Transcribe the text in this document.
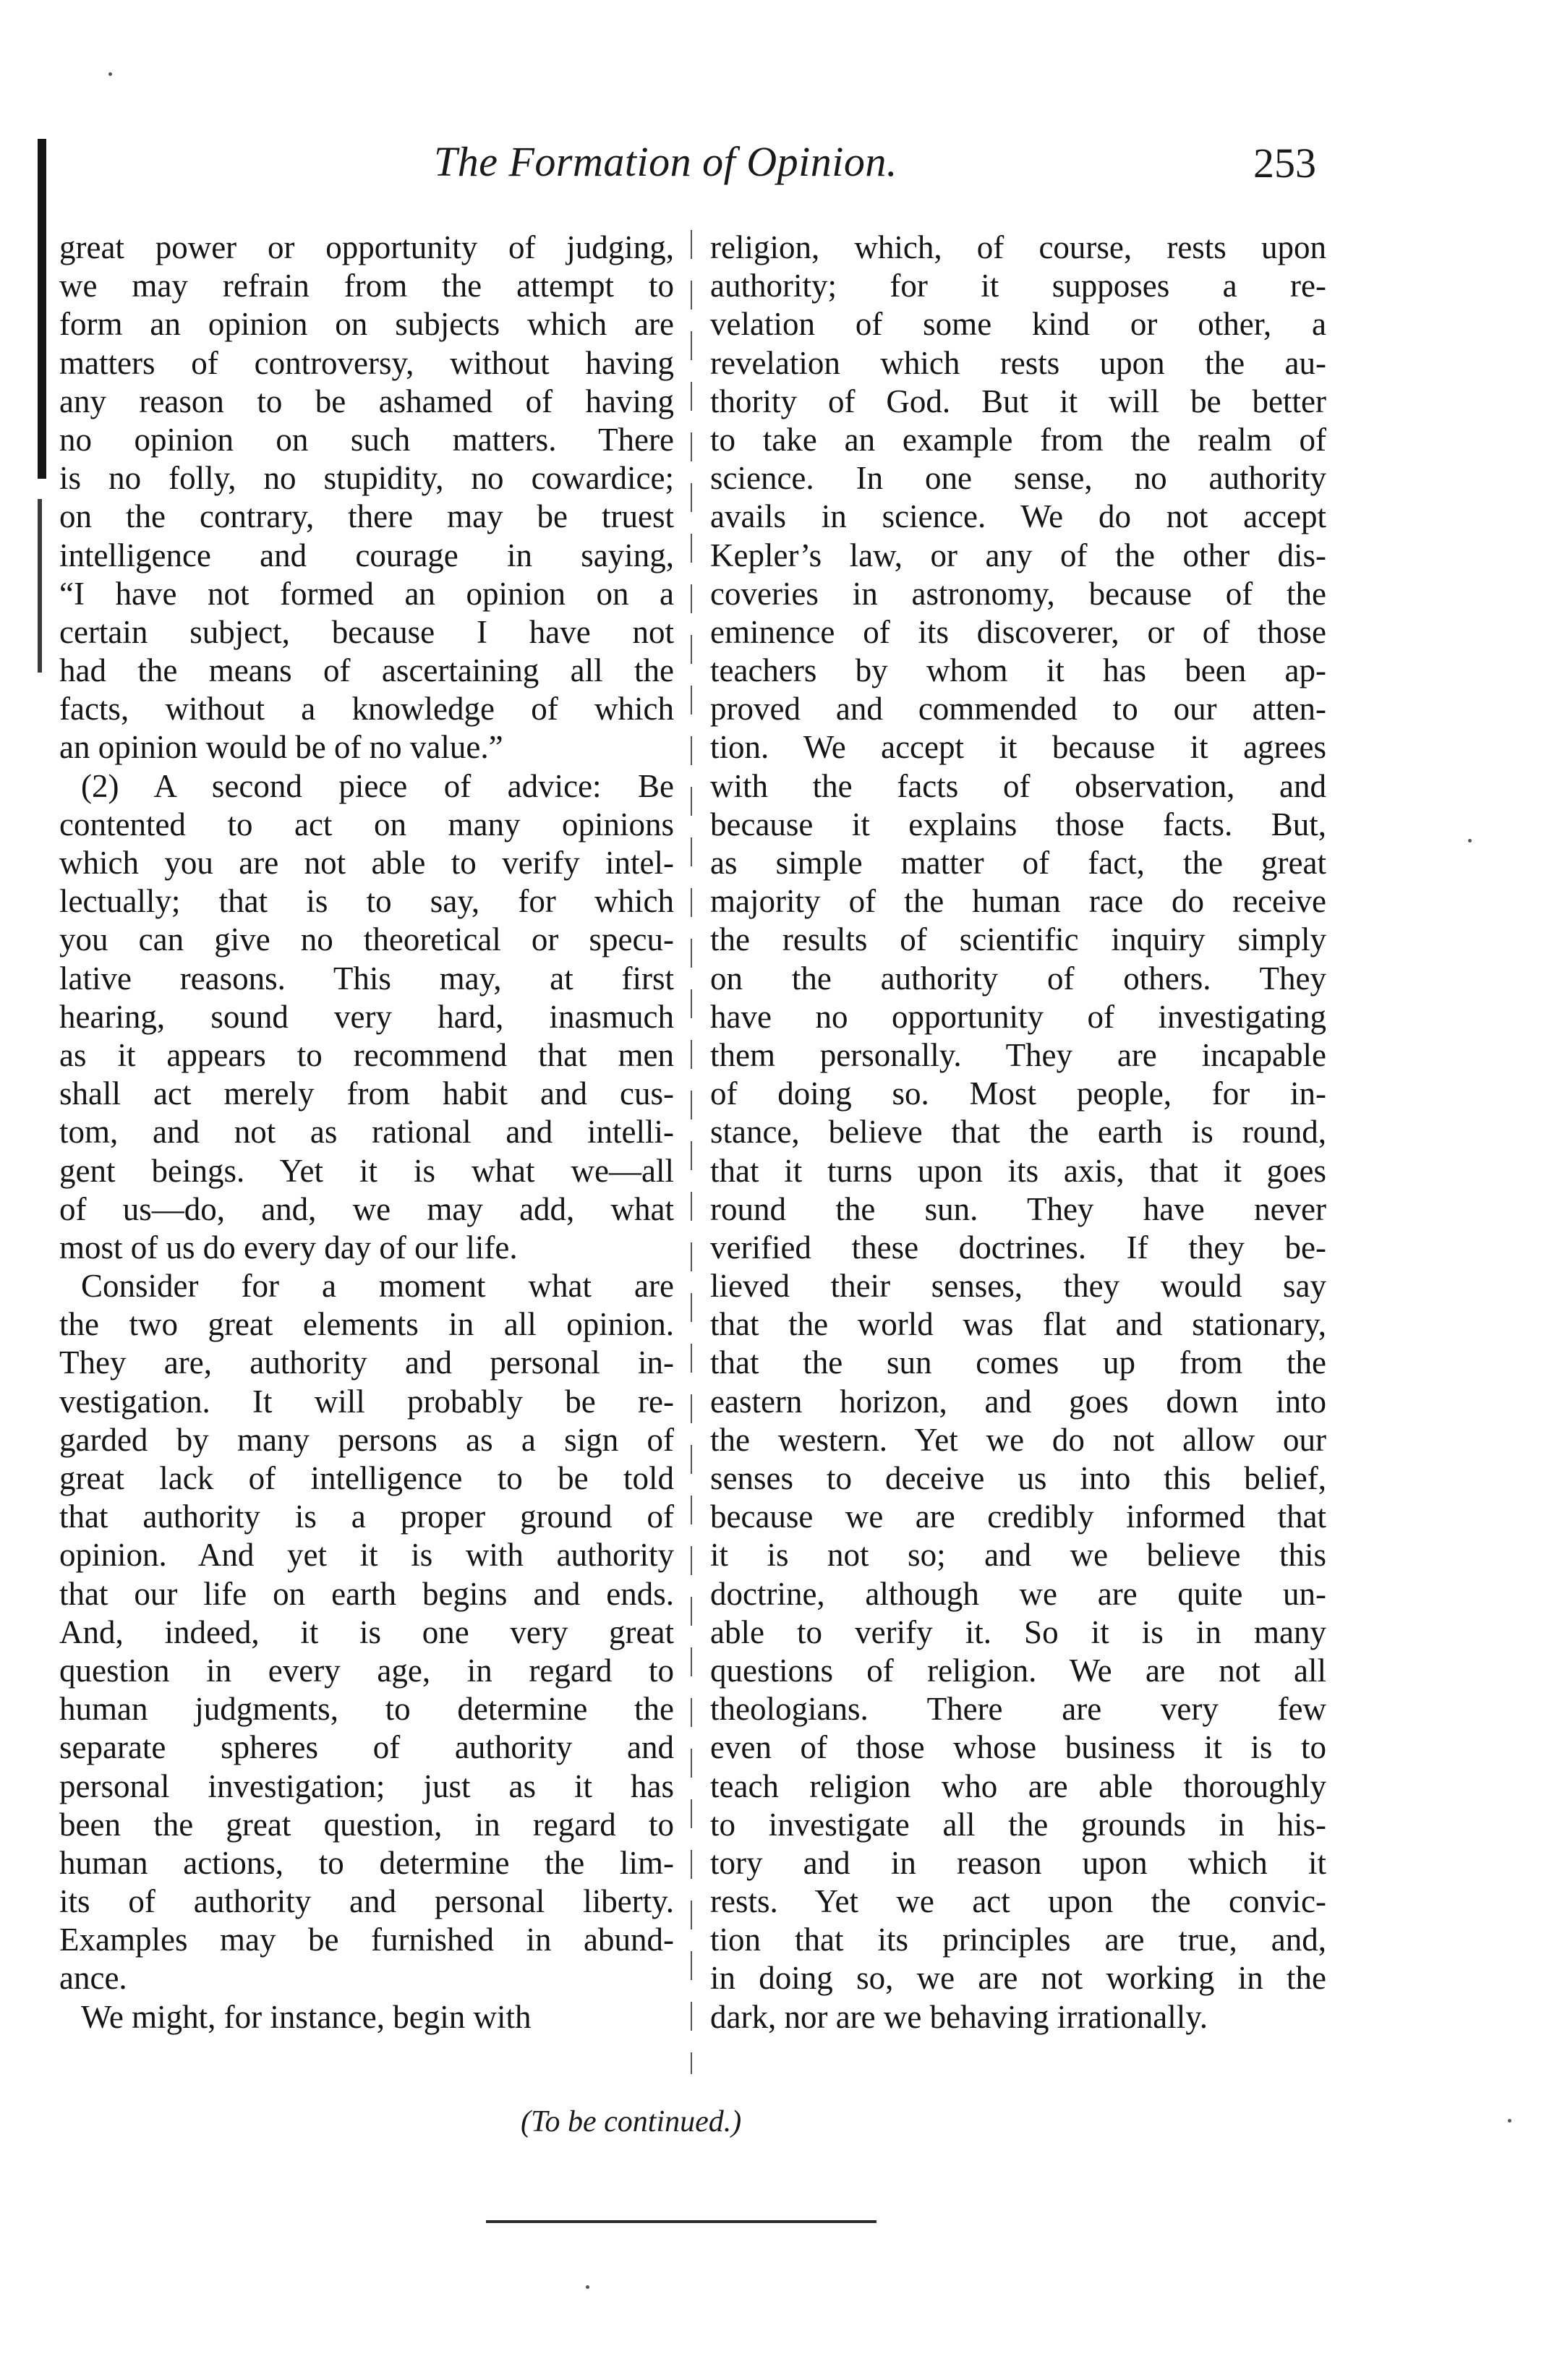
The Formation of Opinion.	253
great power or opportunity of judging,
we may refrain from the attempt to
form an opinion on subjects which are
matters of controversy, without having
any reason to be ashamed of having
no opinion on such matters. There
is no folly, no stupidity, no cowardice;
on the contrary, there may be truest
intelligence and courage in saying,
“I have not formed an opinion on a
certain subject, because I have not
had the means of ascertaining all the
facts, without a knowledge of which
an opinion would be of no value.”
(2) A second piece of advice: Be
contented to act on many opinions
which you are not able to verify intel-
lectually; that is to say, for which
you can give no theoretical or specu-
lative reasons. This may, at first
hearing, sound very hard, inasmuch
as it appears to recommend that men
shall act merely from habit and cus-
tom, and not as rational and intelli-
gent beings. Yet it is what we—all
of us—do, and, we may add, what
most of us do every day of our life.
Consider for a moment what are
the two great elements in all opinion.
They are, authority and personal in-
vestigation. It will probably be re-
garded by many persons as a sign of
great lack of intelligence to be told
that authority is a proper ground of
opinion. And yet it is with authority
that our life on earth begins and ends.
And, indeed, it is one very great
question in every age, in regard to
human judgments, to determine the
separate spheres of authority and
personal investigation; just as it has
been the great question, in regard to
human actions, to determine the lim-
its of authority and personal liberty.
Examples may be furnished in abund-
ance.
We might, for instance, begin with
religion, which, of course, rests upon
authority; for it supposes a re-
velation of some kind or other, a
revelation which rests upon the au-
thority of God. But it will be better
to take an example from the realm of
science. In one sense, no authority
avails in science. We do not accept
Kepler’s law, or any of the other dis-
coveries in astronomy, because of the
eminence of its discoverer, or of those
teachers by whom it has been ap-
proved and commended to our atten-
tion. We accept it because it agrees
with the facts of observation, and
because it explains those facts. But,
as simple matter of fact, the great
majority of the human race do receive
the results of scientific inquiry simply
on the authority of others. They
have no opportunity of investigating
them personally. They are incapable
of doing so. Most people, for in-
stance, believe that the earth is round,
that it turns upon its axis, that it goes
round the sun. They have never
verified these doctrines. If they be-
lieved their senses, they would say
that the world was flat and stationary,
that the sun comes up from the
eastern horizon, and goes down into
the western. Yet we do not allow our
senses to deceive us into this belief,
because we are credibly informed that
it is not so; and we believe this
doctrine, although we are quite un-
able to verify it. So it is in many
questions of religion. We are not all
theologians. There are very few
even of those whose business it is to
teach religion who are able thoroughly
to investigate all the grounds in his-
tory and in reason upon which it
rests. Yet we act upon the convic-
tion that its principles are true, and,
in doing so, we are not working in the
dark, nor are we behaving irrationally.
(To be continued.)
